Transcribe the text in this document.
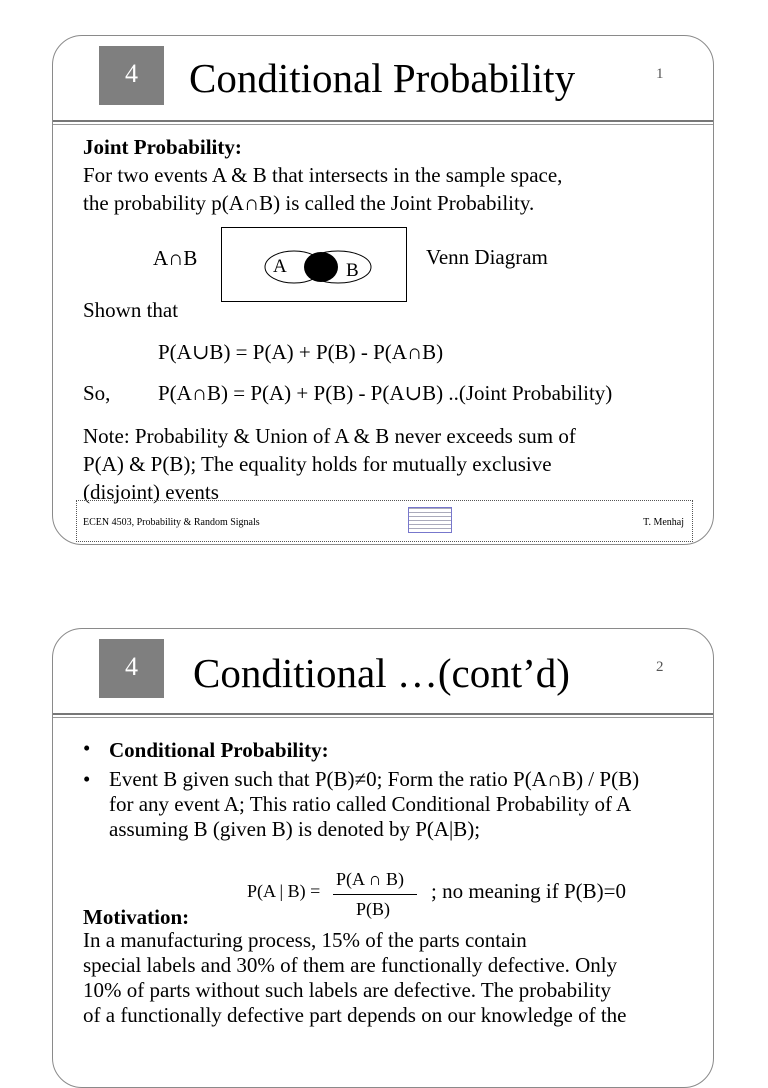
4	Conditional Probability	1
Joint Probability:
For two events A & B that intersects in the sample space,
the probability p(A∩B) is called the Joint Probability.
A∩B	A	B
Venn Diagram
Shown that
P(A∪B) = P(A) + P(B) - P(A∩B)
So, P(A∩B) = P(A) + P(B) - P(A∪B) ..(Joint Probability)
Note: Probability & Union of A & B never exceeds sum of
P(A) & P(B); The equality holds for mutually exclusive
(disjoint) events
ECEN 4503, Probability & Random Signals	T. Menhaj
4	Conditional …(cont’d)	2
• Conditional Probability:
• Event B given such that P(B)≠0; Form the ratio P(A∩B) / P(B)
for any event A; This ratio called Conditional Probability of A
assuming B (given B) is denoted by P(A|B);
P(A | B) =
P(A ∩ B)
P(B)
; no meaning if P(B)=0
Motivation:
In a manufacturing process, 15% of the parts contain
special labels and 30% of them are functionally defective. Only
10% of parts without such labels are defective. The probability
of a functionally defective part depends on our knowledge of the
